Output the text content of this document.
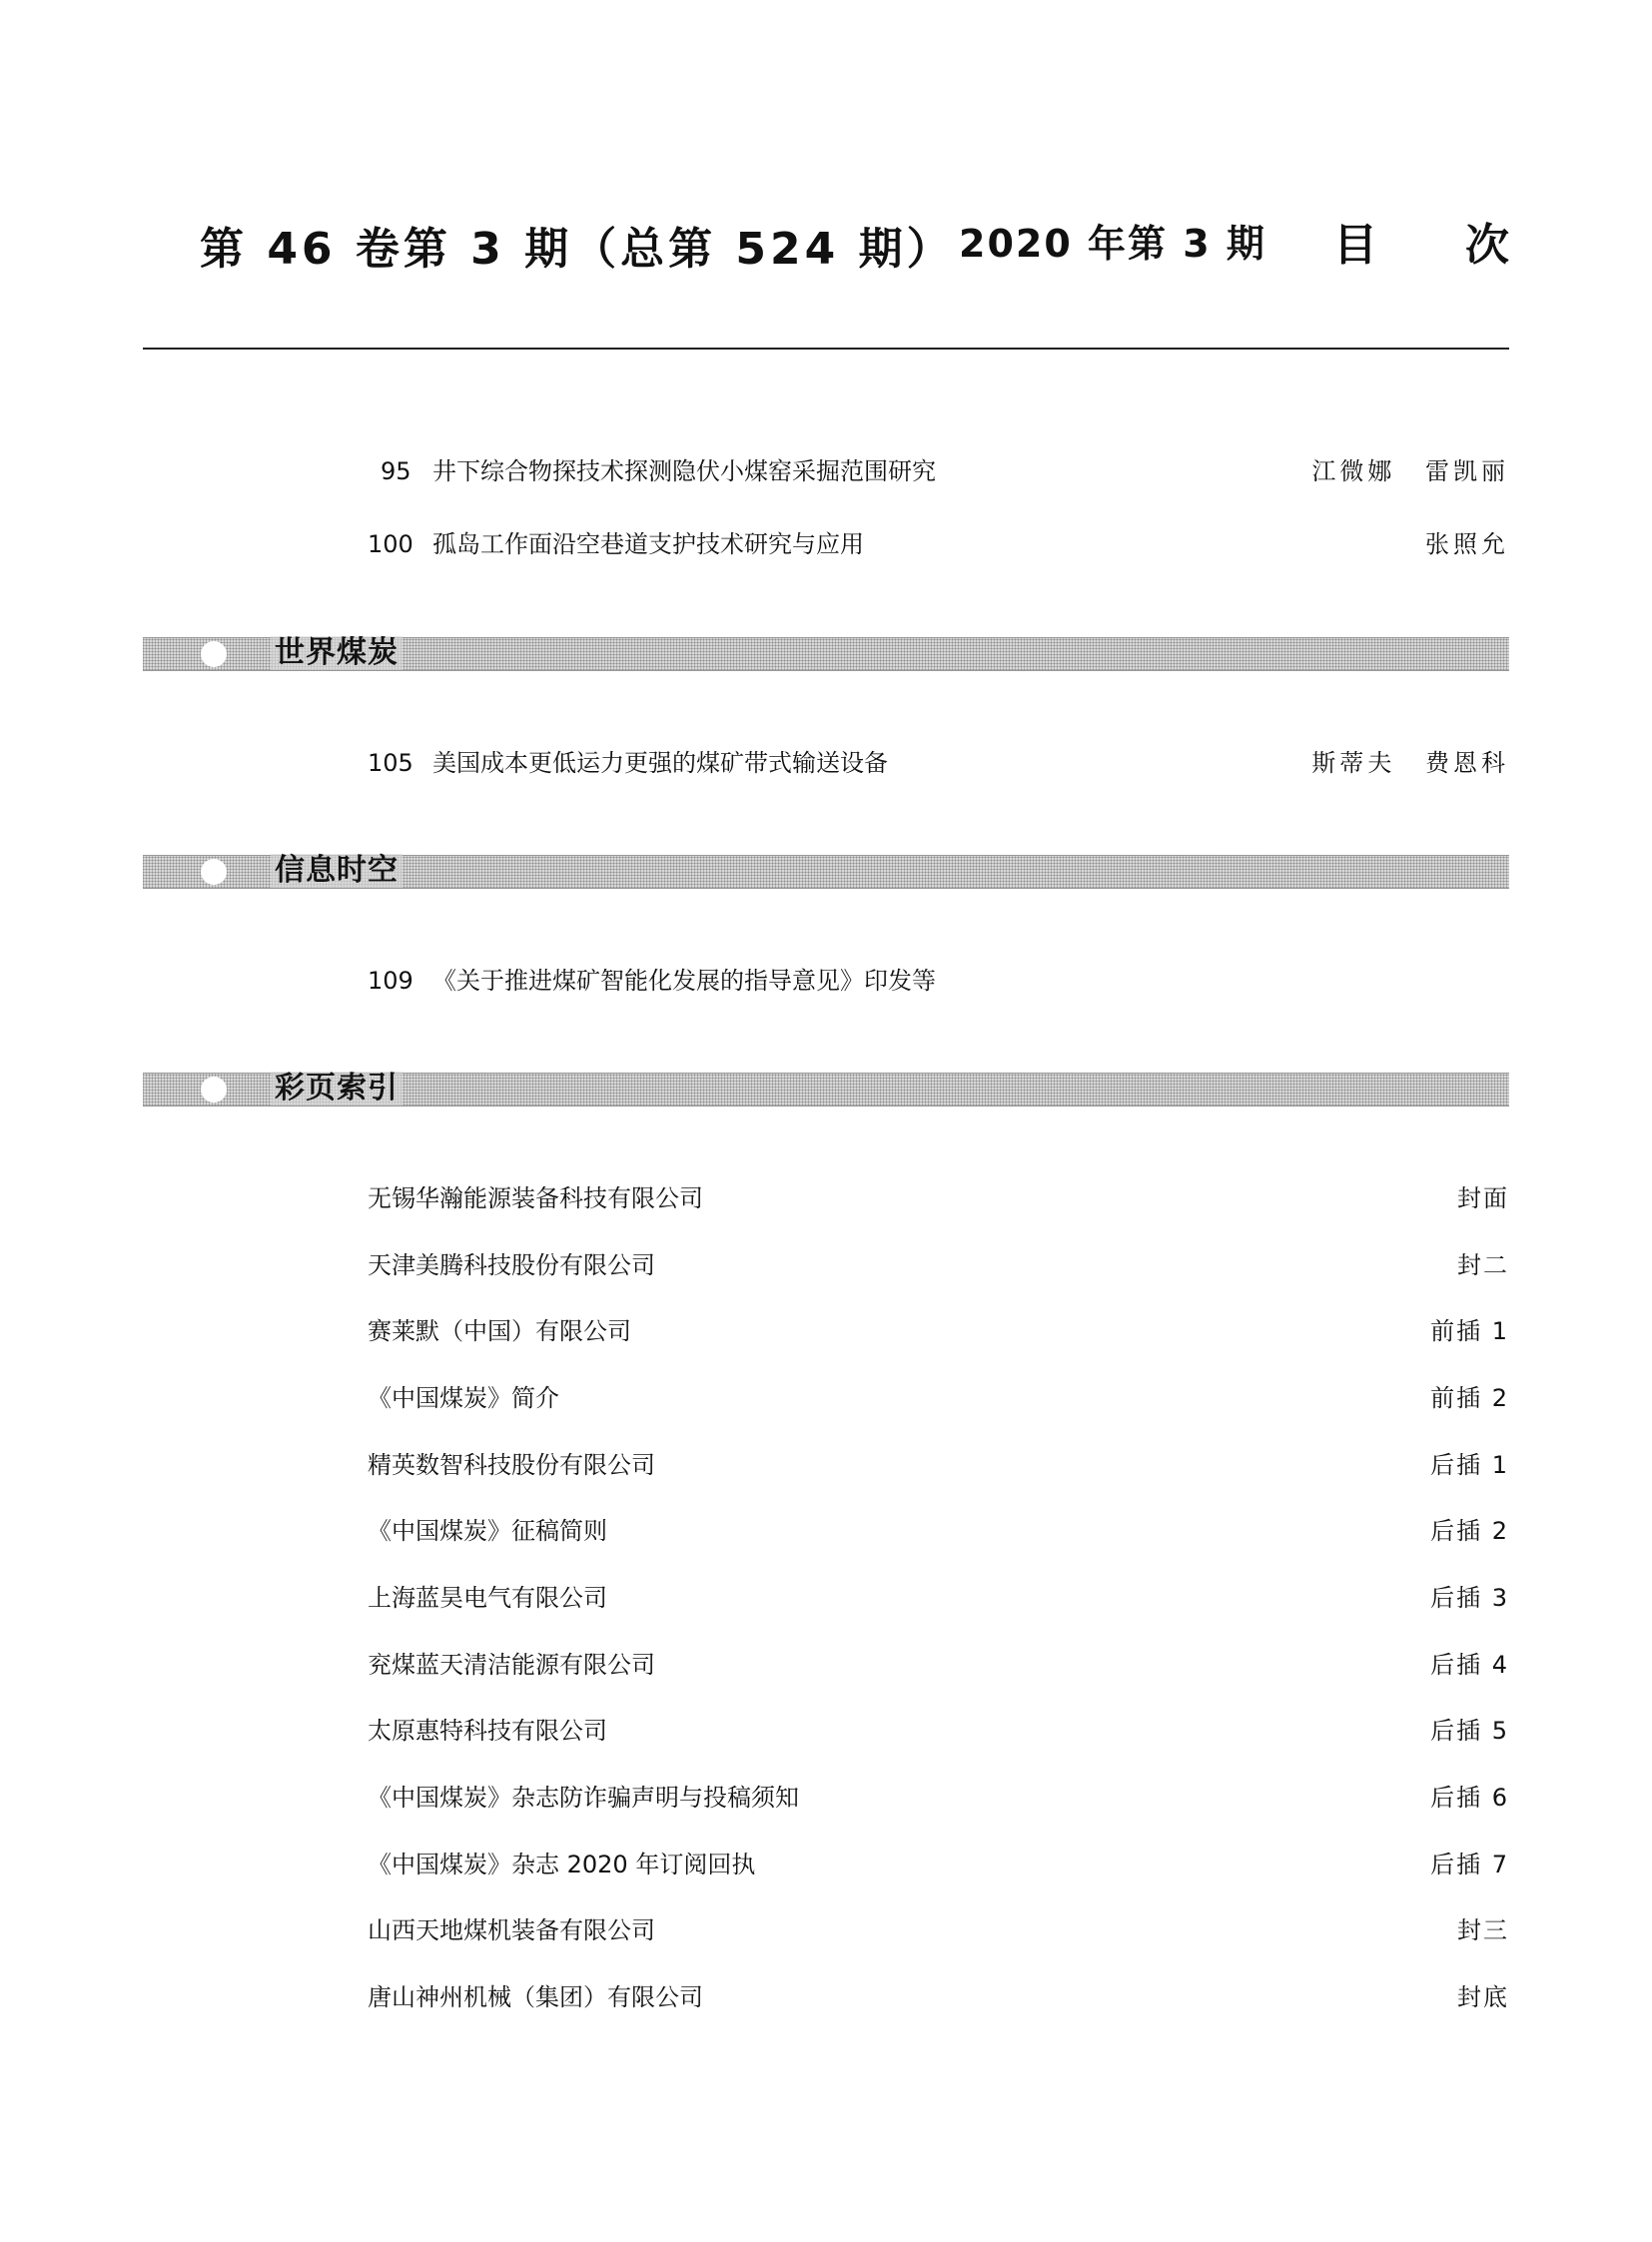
第 46 卷第 3 期（总第 524 期） 2020 年第 3 期 目次
95 井下综合物探技术探测隐伏小煤窑采掘范围研究	江微娜 雷凯丽
100 孤岛工作面沿空巷道支护技术研究与应用	张照允
世界煤炭
105 美国成本更低运力更强的煤矿带式输送设备	斯蒂夫 费恩科
信息时空
109 《关于推进煤矿智能化发展的指导意见》印发等
彩页索引
无锡华瀚能源装备科技有限公司	封面
天津美腾科技股份有限公司	封二
赛莱默（中国）有限公司	前插 1
《中国煤炭》简介	前插 2
精英数智科技股份有限公司	后插 1
《中国煤炭》征稿简则	后插 2
上海蓝昊电气有限公司	后插 3
兖煤蓝天清洁能源有限公司	后插 4
太原惠特科技有限公司	后插 5
《中国煤炭》杂志防诈骗声明与投稿须知	后插 6
《中国煤炭》杂志 2020 年订阅回执	后插 7
山西天地煤机装备有限公司	封三
唐山神州机械（集团）有限公司	封底
